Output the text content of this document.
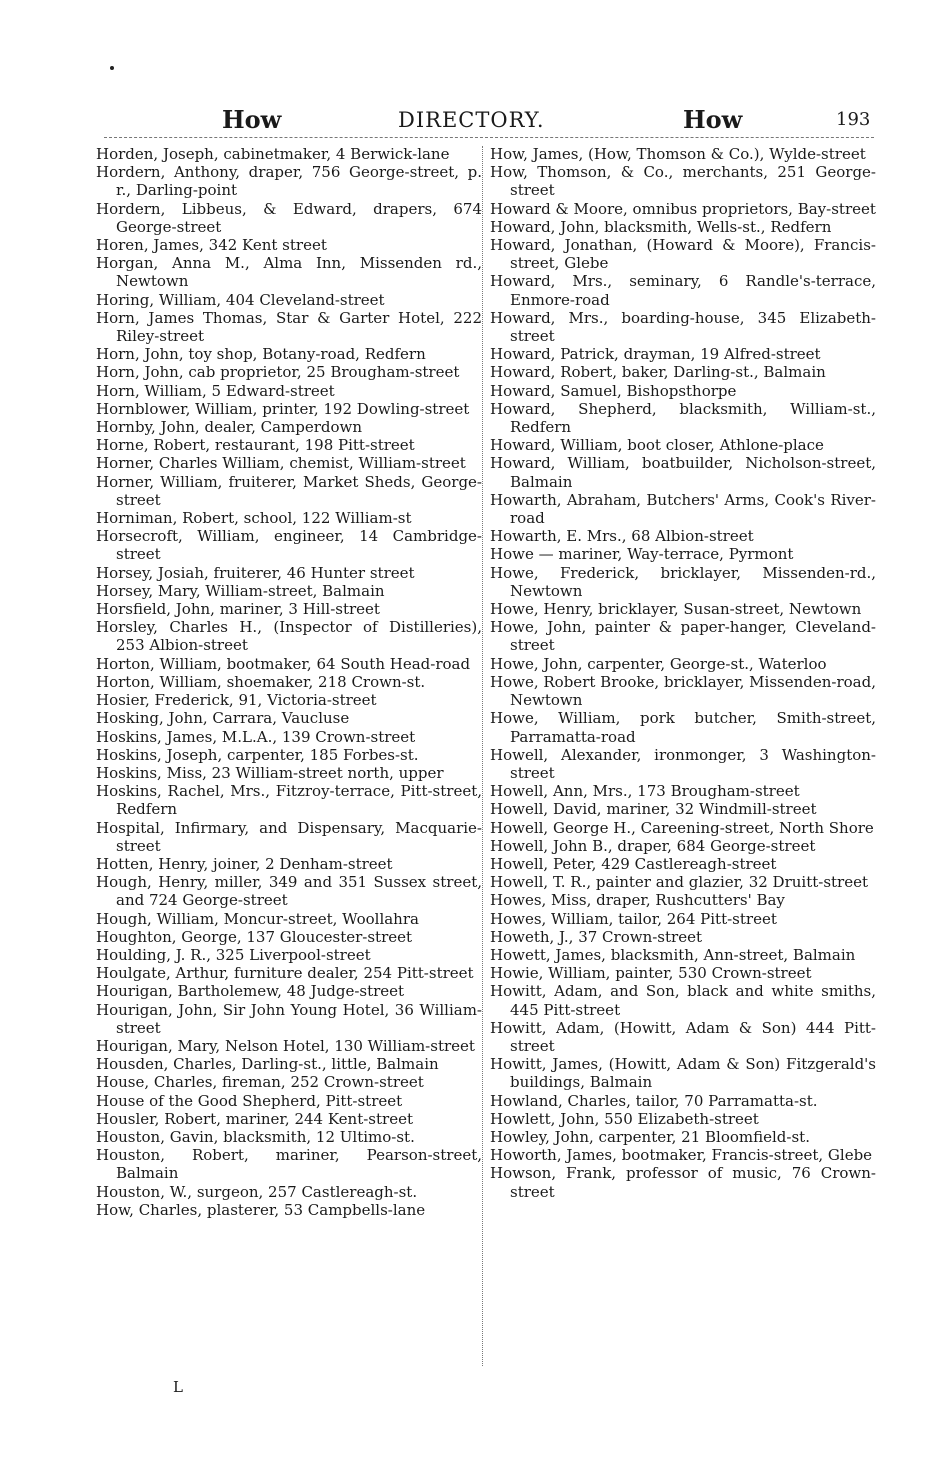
How	DIRECTORY.	How	193
Horden, Joseph, cabinetmaker, 4 Berwick-lane
Hordern, Anthony, draper, 756 George-street, p. r., Darling-point
Hordern, Libbeus, & Edward, drapers, 674 George-street
Horen, James, 342 Kent street
Horgan, Anna M., Alma Inn, Missenden rd., Newtown
Horing, William, 404 Cleveland-street
Horn, James Thomas, Star & Garter Hotel, 222 Riley-street
Horn, John, toy shop, Botany-road, Redfern
Horn, John, cab proprietor, 25 Brougham-street
Horn, William, 5 Edward-street
Hornblower, William, printer, 192 Dowling-street
Hornby, John, dealer, Camperdown
Horne, Robert, restaurant, 198 Pitt-street
Horner, Charles William, chemist, William-street
Horner, William, fruiterer, Market Sheds, George-street
Horniman, Robert, school, 122 William-st
Horsecroft, William, engineer, 14 Cambridge-street
Horsey, Josiah, fruiterer, 46 Hunter street
Horsey, Mary, William-street, Balmain
Horsfield, John, mariner, 3 Hill-street
Horsley, Charles H., (Inspector of Distilleries), 253 Albion-street
Horton, William, bootmaker, 64 South Head-road
Horton, William, shoemaker, 218 Crown-st.
Hosier, Frederick, 91, Victoria-street
Hosking, John, Carrara, Vaucluse
Hoskins, James, M.L.A., 139 Crown-street
Hoskins, Joseph, carpenter, 185 Forbes-st.
Hoskins, Miss, 23 William-street north, upper
Hoskins, Rachel, Mrs., Fitzroy-terrace, Pitt-street, Redfern
Hospital, Infirmary, and Dispensary, Macquarie-street
Hotten, Henry, joiner, 2 Denham-street
Hough, Henry, miller, 349 and 351 Sussex street, and 724 George-street
Hough, William, Moncur-street, Woollahra
Houghton, George, 137 Gloucester-street
Houlding, J. R., 325 Liverpool-street
Houlgate, Arthur, furniture dealer, 254 Pitt-street
Hourigan, Bartholemew, 48 Judge-street
Hourigan, John, Sir John Young Hotel, 36 William-street
Hourigan, Mary, Nelson Hotel, 130 William-street
Housden, Charles, Darling-st., little, Balmain
House, Charles, fireman, 252 Crown-street
House of the Good Shepherd, Pitt-street
Housler, Robert, mariner, 244 Kent-street
Houston, Gavin, blacksmith, 12 Ultimo-st.
Houston, Robert, mariner, Pearson-street, Balmain
Houston, W., surgeon, 257 Castlereagh-st.
How, Charles, plasterer, 53 Campbells-lane
How, James, (How, Thomson & Co.), Wylde-street
How, Thomson, & Co., merchants, 251 George-street
Howard & Moore, omnibus proprietors, Bay-street
Howard, John, blacksmith, Wells-st., Redfern
Howard, Jonathan, (Howard & Moore), Francis-street, Glebe
Howard, Mrs., seminary, 6 Randle's-terrace, Enmore-road
Howard, Mrs., boarding-house, 345 Elizabeth-street
Howard, Patrick, drayman, 19 Alfred-street
Howard, Robert, baker, Darling-st., Balmain
Howard, Samuel, Bishopsthorpe
Howard, Shepherd, blacksmith, William-st., Redfern
Howard, William, boot closer, Athlone-place
Howard, William, boatbuilder, Nicholson-street, Balmain
Howarth, Abraham, Butchers' Arms, Cook's River-road
Howarth, E. Mrs., 68 Albion-street
Howe — mariner, Way-terrace, Pyrmont
Howe, Frederick, bricklayer, Missenden-rd., Newtown
Howe, Henry, bricklayer, Susan-street, Newtown
Howe, John, painter & paper-hanger, Cleveland-street
Howe, John, carpenter, George-st., Waterloo
Howe, Robert Brooke, bricklayer, Missenden-road, Newtown
Howe, William, pork butcher, Smith-street, Parramatta-road
Howell, Alexander, ironmonger, 3 Washington-street
Howell, Ann, Mrs., 173 Brougham-street
Howell, David, mariner, 32 Windmill-street
Howell, George H., Careening-street, North Shore
Howell, John B., draper, 684 George-street
Howell, Peter, 429 Castlereagh-street
Howell, T. R., painter and glazier, 32 Druitt-street
Howes, Miss, draper, Rushcutters' Bay
Howes, William, tailor, 264 Pitt-street
Howeth, J., 37 Crown-street
Howett, James, blacksmith, Ann-street, Balmain
Howie, William, painter, 530 Crown-street
Howitt, Adam, and Son, black and white smiths, 445 Pitt-street
Howitt, Adam, (Howitt, Adam & Son) 444 Pitt-street
Howitt, James, (Howitt, Adam & Son) Fitzgerald's buildings, Balmain
Howland, Charles, tailor, 70 Parramatta-st.
Howlett, John, 550 Elizabeth-street
Howley, John, carpenter, 21 Bloomfield-st.
Howorth, James, bootmaker, Francis-street, Glebe
Howson, Frank, professor of music, 76 Crown-street
L
